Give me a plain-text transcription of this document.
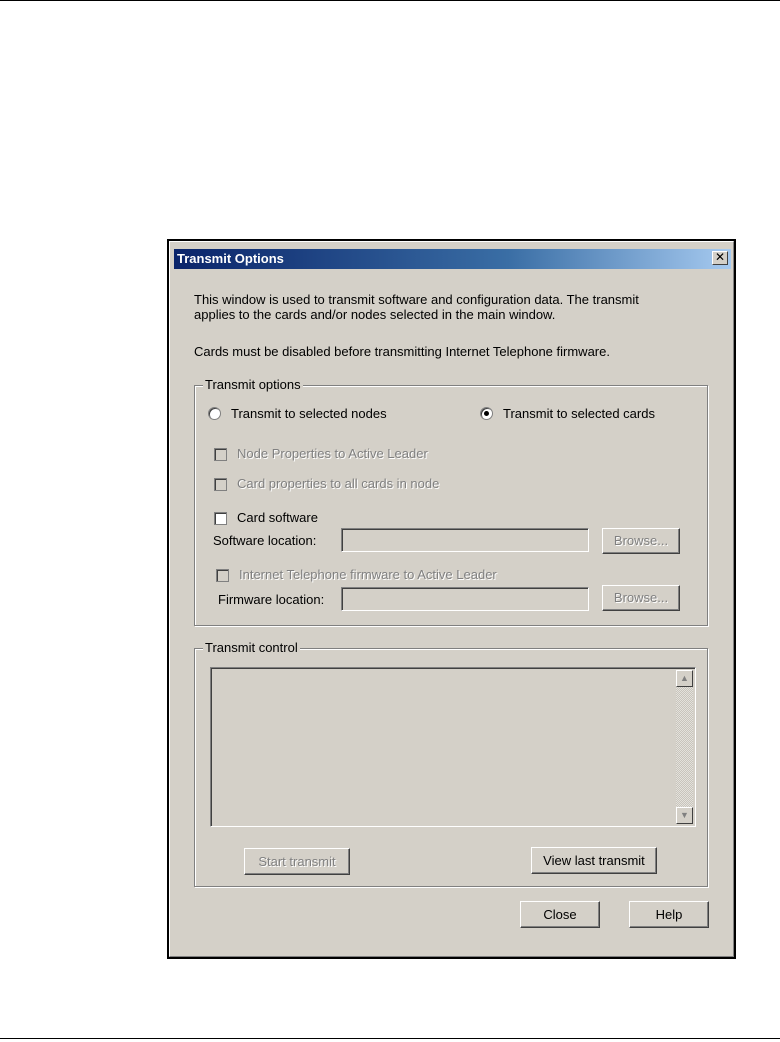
Transmit Options	✕
This window is used to transmit software and configuration data. The transmit
applies to the cards and/or nodes selected in the main window.
Cards must be disabled before transmitting Internet Telephone firmware.
Transmit options
Transmit to selected nodes	Transmit to selected cards
Node Properties to Active Leader
Card properties to all cards in node
Card software
Software location:	Browse...
Internet Telephone firmware to Active Leader
Firmware location:	Browse...
Transmit control
▲
▼
Start transmit	View last transmit
Close	Help
